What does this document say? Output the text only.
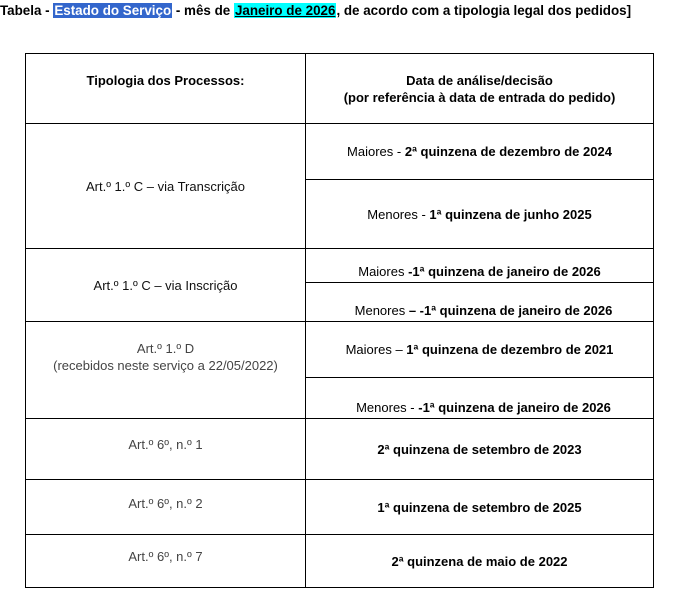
Tabela - Estado do Serviço - mês de Janeiro de 2026, de acordo com a tipologia legal dos pedidos]
Tipologia dos Processos:	Data de análise/decisão
(por referência à data de entrada do pedido)

Art.º 1.º C – via Transcrição	Maiores - 2ª quinzena de dezembro de 2024
	Menores - 1ª quinzena de junho 2025
Art.º 1.º C – via Inscrição	Maiores -1ª quinzena de janeiro de 2026
	Menores – -1ª quinzena de janeiro de 2026

Art.º 1.º D
(recebidos neste serviço a 22/05/2022)	Maiores – 1ª quinzena de dezembro de 2021
	Menores - -1ª quinzena de janeiro de 2026
Art.º 6º, n.º 1	2ª quinzena de setembro de 2023
Art.º 6º, n.º 2	1ª quinzena de setembro de 2025
Art.º 6º, n.º 7	2ª quinzena de maio de 2022
